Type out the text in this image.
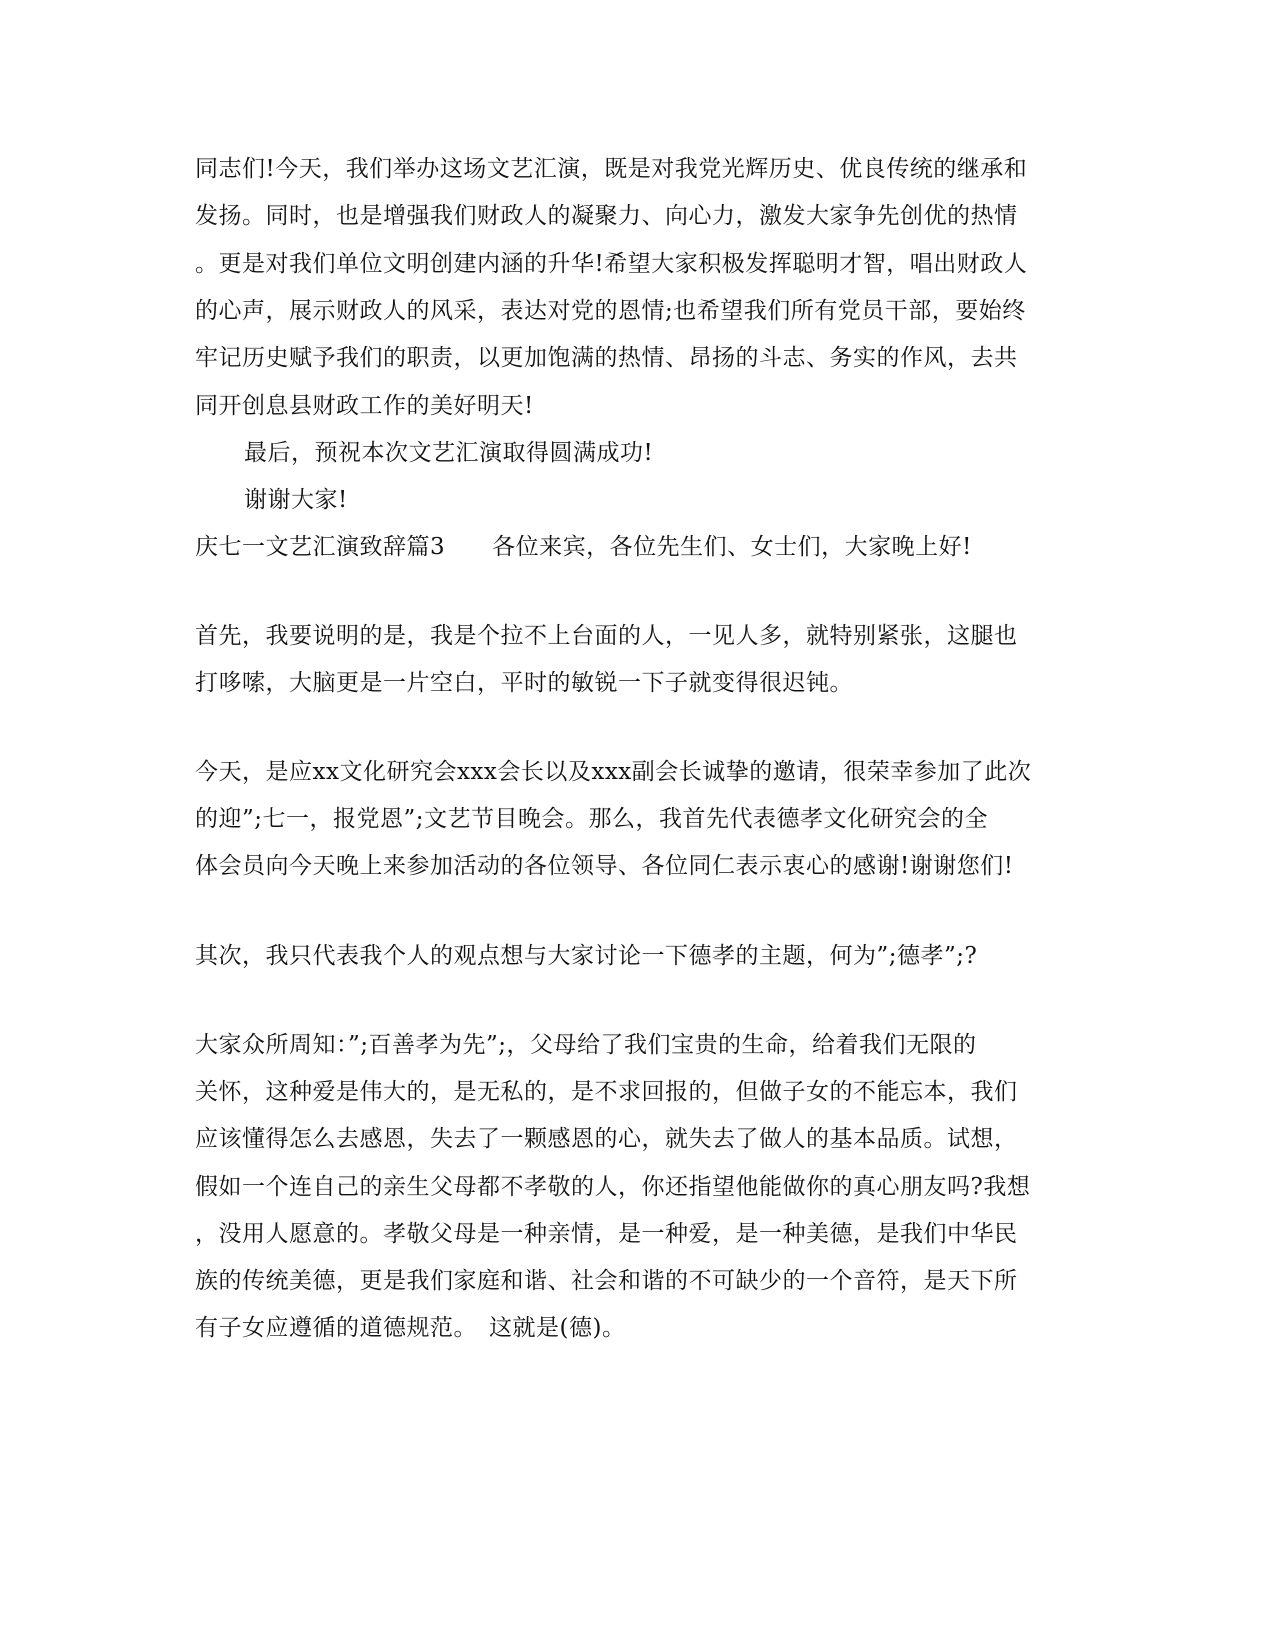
同志们!今天，我们举办这场文艺汇演，既是对我党光辉历史、优良传统的继承和
发扬。同时，也是增强我们财政人的凝聚力、向心力，激发大家争先创优的热情
。更是对我们单位文明创建内涵的升华!希望大家积极发挥聪明才智，唱出财政人
的心声，展示财政人的风采，表达对党的恩情;也希望我们所有党员干部，要始终
牢记历史赋予我们的职责，以更加饱满的热情、昂扬的斗志、务实的作风，去共
同开创息县财政工作的美好明天!
最后，预祝本次文艺汇演取得圆满成功!
谢谢大家!
庆七一文艺汇演致辞篇3　　各位来宾，各位先生们、女士们，大家晚上好!
首先，我要说明的是，我是个拉不上台面的人，一见人多，就特别紧张，这腿也
打哆嗦，大脑更是一片空白，平时的敏锐一下子就变得很迟钝。
今天，是应xx文化研究会xxx会长以及xxx副会长诚挚的邀请，很荣幸参加了此次
的迎”;七一，报党恩”;文艺节目晚会。那么，我首先代表德孝文化研究会的全
体会员向今天晚上来参加活动的各位领导、各位同仁表示衷心的感谢!谢谢您们!
其次，我只代表我个人的观点想与大家讨论一下德孝的主题，何为”;德孝”;?
大家众所周知：”;百善孝为先”;，父母给了我们宝贵的生命，给着我们无限的
关怀，这种爱是伟大的，是无私的，是不求回报的，但做子女的不能忘本，我们
应该懂得怎么去感恩，失去了一颗感恩的心，就失去了做人的基本品质。试想，
假如一个连自己的亲生父母都不孝敬的人，你还指望他能做你的真心朋友吗?我想
，没用人愿意的。孝敬父母是一种亲情，是一种爱，是一种美德，是我们中华民
族的传统美德，更是我们家庭和谐、社会和谐的不可缺少的一个音符，是天下所
有子女应遵循的道德规范。　这就是(德)。
